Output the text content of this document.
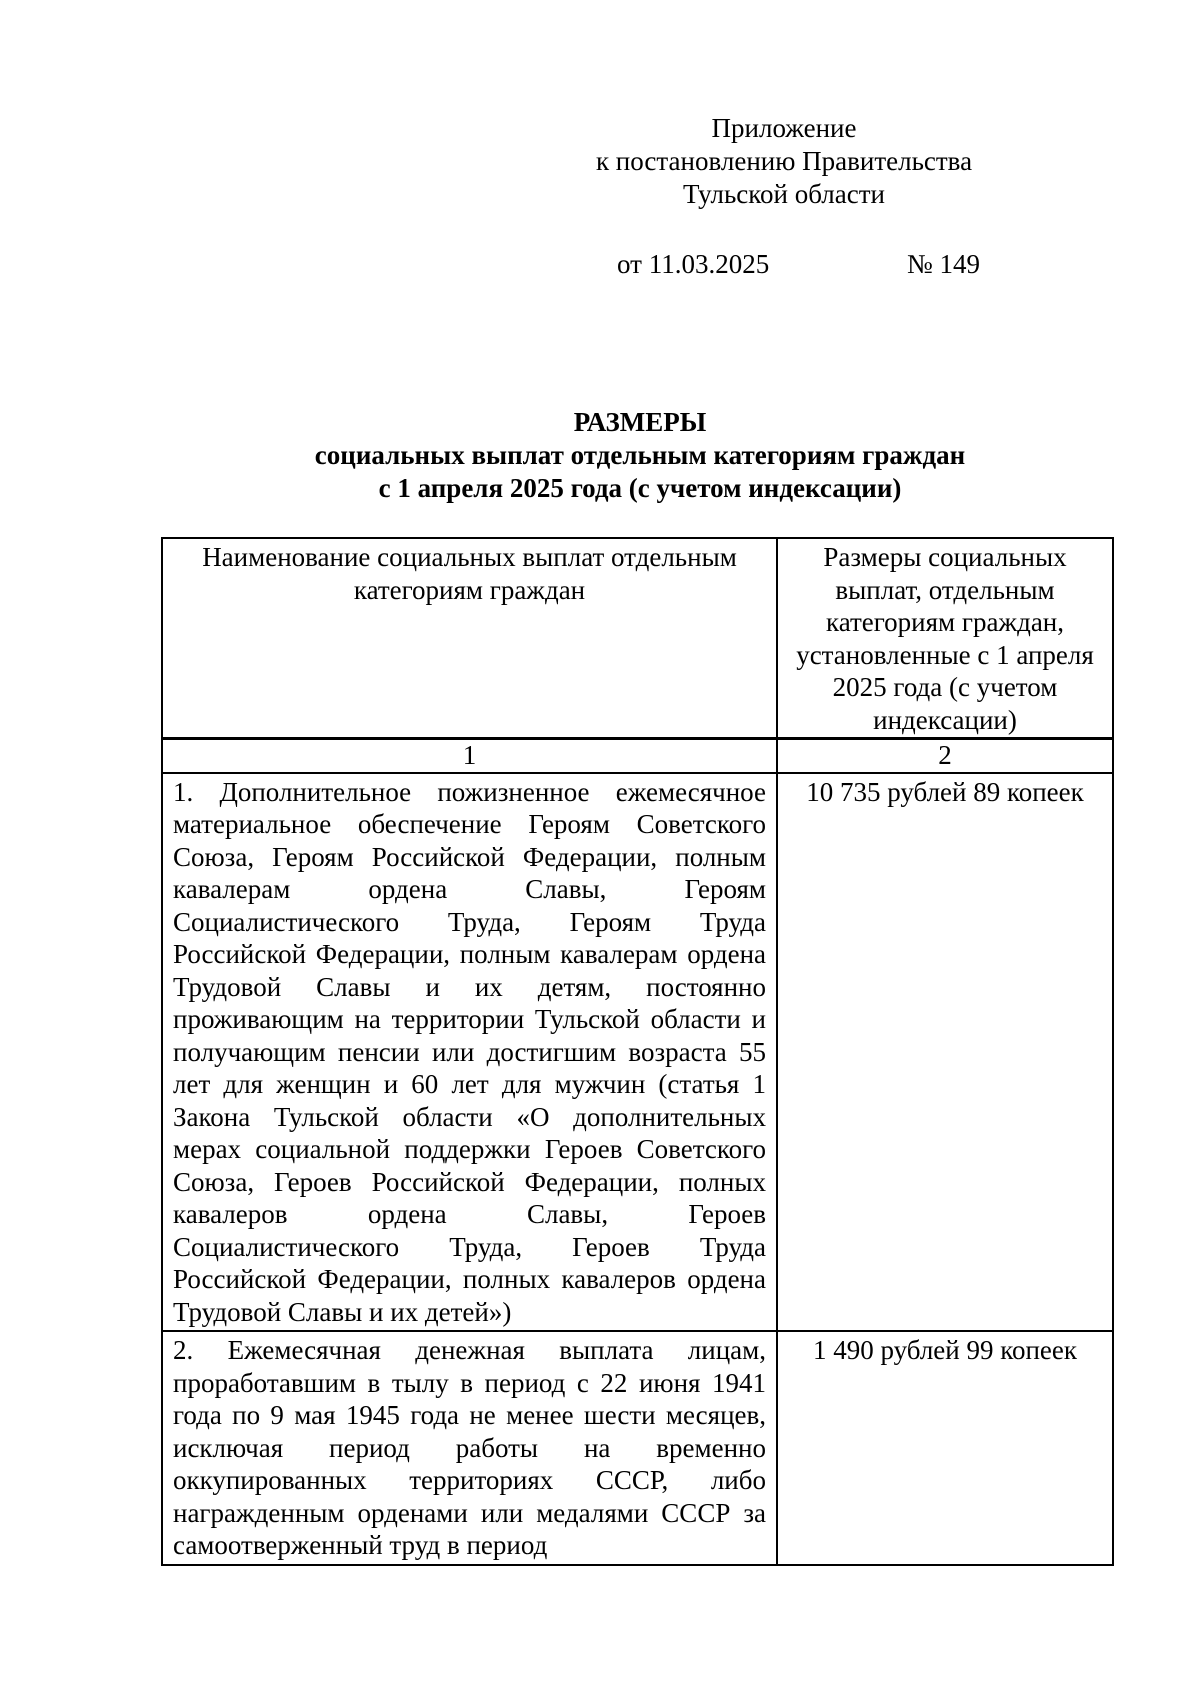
Приложение
к постановлению Правительства
Тульской области
от 11.03.2025	№ 149
РАЗМЕРЫ
социальных выплат отдельным категориям граждан
с 1 апреля 2025 года (с учетом индексации)
Наименование социальных выплат отдельным категориям граждан	Размеры социальных выплат, отдельным категориям граждан, установленные с 1 апреля 2025 года (с учетом индексации)
1	2
1. Дополнительное пожизненное ежемесячное материальное обеспечение Героям Советского Союза, Героям Российской Федерации, полным кавалерам ордена Славы, Героям Социалистического Труда, Героям Труда Российской Федерации, полным кавалерам ордена Трудовой Славы и их детям, постоянно проживающим на территории Тульской области и получающим пенсии или достигшим возраста 55 лет для женщин и 60 лет для мужчин (статья 1 Закона Тульской области «О дополнительных мерах социальной поддержки Героев Советского Союза, Героев Российской Федерации, полных кавалеров ордена Славы, Героев Социалистического Труда, Героев Труда Российской Федерации, полных кавалеров ордена Трудовой Славы и их детей»)	10 735 рублей 89 копеек
2. Ежемесячная денежная выплата лицам, проработавшим в тылу в период с 22 июня 1941 года по 9 мая 1945 года не менее шести месяцев, исключая период работы на временно оккупированных территориях СССР, либо награжденным орденами или медалями СССР за самоотверженный труд в период	1 490 рублей 99 копеек
